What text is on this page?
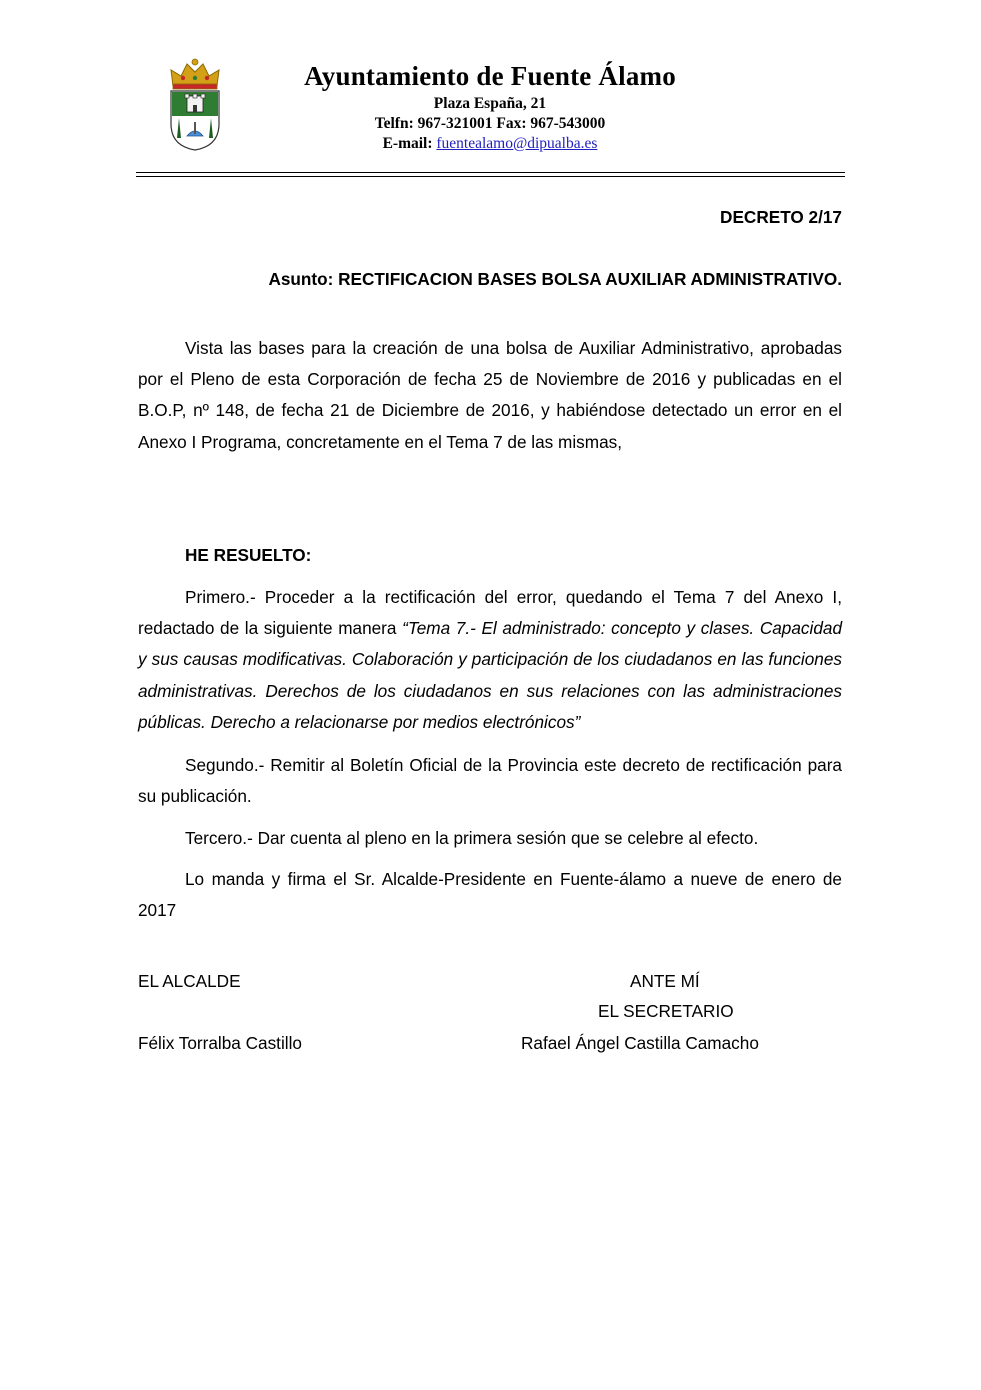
Ayuntamiento de Fuente Álamo
Plaza España, 21
Telfn: 967-321001 Fax: 967-543000
E-mail: fuentealamo@dipualba.es
DECRETO 2/17
Asunto: RECTIFICACION BASES BOLSA AUXILIAR ADMINISTRATIVO.
Vista las bases para la creación de una bolsa de Auxiliar Administrativo, aprobadas por el Pleno de esta Corporación de fecha 25 de Noviembre de 2016 y publicadas en el B.O.P, nº 148, de fecha 21 de Diciembre de 2016, y habiéndose detectado un error en el Anexo I Programa, concretamente en el Tema 7 de las mismas,
HE RESUELTO:
Primero.- Proceder a la rectificación del error, quedando el Tema 7 del Anexo I, redactado de la siguiente manera “Tema 7.- El administrado: concepto y clases. Capacidad y sus causas modificativas. Colaboración y participación de los ciudadanos en las funciones administrativas. Derechos de los ciudadanos en sus relaciones con las administraciones públicas. Derecho a relacionarse por medios electrónicos”
Segundo.- Remitir al Boletín Oficial de la Provincia este decreto de rectificación para su publicación.
Tercero.- Dar cuenta al pleno en la primera sesión que se celebre al efecto.
Lo manda y firma el Sr. Alcalde-Presidente en Fuente-álamo a nueve de enero de 2017
EL ALCALDE	ANTE MÍ
EL SECRETARIO
Félix Torralba Castillo	Rafael Ángel Castilla Camacho
